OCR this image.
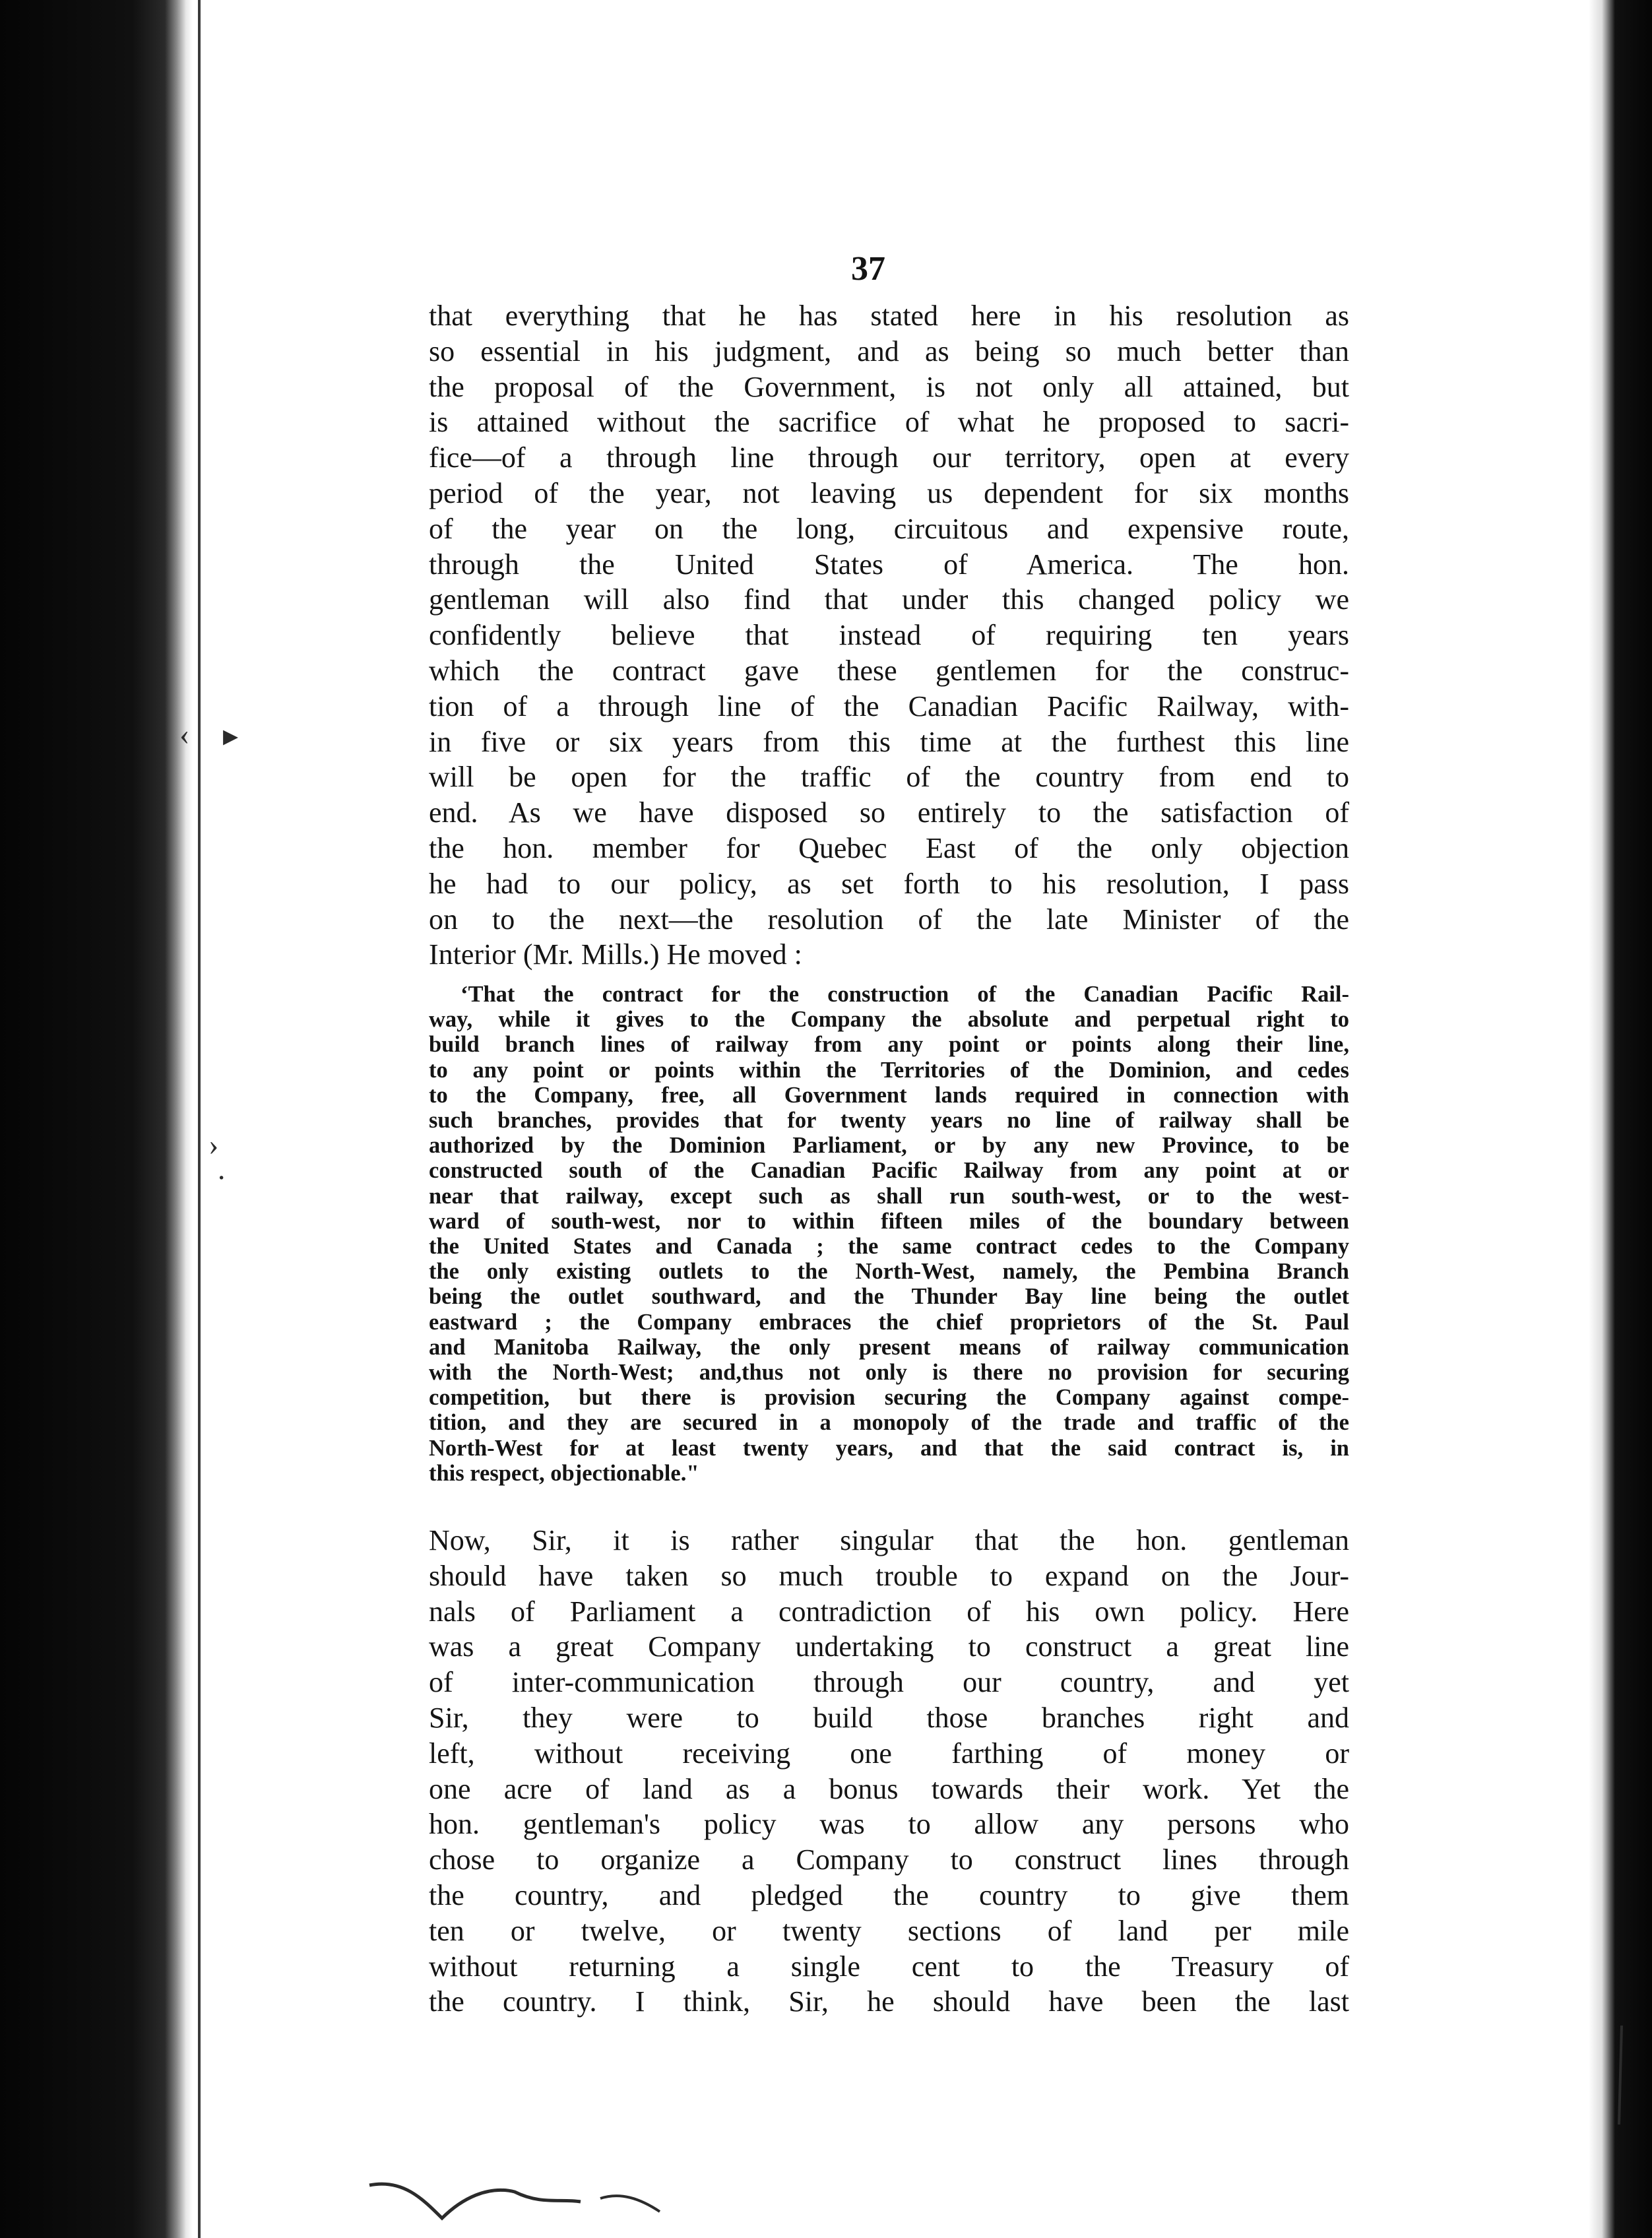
‹ ▸
›
·
37
that everything that he has stated here in his resolution as
so essential in his judgment, and as being so much better than
the proposal of the Government, is not only all attained, but
is attained without the sacrifice of what he proposed to sacri-
fice—of a through line through our territory, open at every
period of the year, not leaving us dependent for six months
of the year on the long, circuitous and expensive route,
through the United States of America. The hon.
gentleman will also find that under this changed policy we
confidently believe that instead of requiring ten years
which the contract gave these gentlemen for the construc-
tion of a through line of the Canadian Pacific Railway, with-
in five or six years from this time at the furthest this line
will be open for the traffic of the country from end to
end. As we have disposed so entirely to the satisfaction of
the hon. member for Quebec East of the only objection
he had to our policy, as set forth to his resolution, I pass
on to the next—the resolution of the late Minister of the
Interior (Mr. Mills.) He moved :
‘That the contract for the construction of the Canadian Pacific Rail-
way, while it gives to the Company the absolute and perpetual right to
build branch lines of railway from any point or points along their line,
to any point or points within the Territories of the Dominion, and cedes
to the Company, free, all Government lands required in connection with
such branches, provides that for twenty years no line of railway shall be
authorized by the Dominion Parliament, or by any new Province, to be
constructed south of the Canadian Pacific Railway from any point at or
near that railway, except such as shall run south-west, or to the west-
ward of south-west, nor to within fifteen miles of the boundary between
the United States and Canada ; the same contract cedes to the Company
the only existing outlets to the North-West, namely, the Pembina Branch
being the outlet southward, and the Thunder Bay line being the outlet
eastward ; the Company embraces the chief proprietors of the St. Paul
and Manitoba Railway, the only present means of railway communication
with the North-West; and,thus not only is there no provision for securing
competition, but there is provision securing the Company against compe-
tition, and they are secured in a monopoly of the trade and traffic of the
North-West for at least twenty years, and that the said contract is, in
this respect, objectionable."
Now, Sir, it is rather singular that the hon. gentleman
should have taken so much trouble to expand on the Jour-
nals of Parliament a contradiction of his own policy. Here
was a great Company undertaking to construct a great line
of inter-communication through our country, and yet
Sir, they were to build those branches right and
left, without receiving one farthing of money or
one acre of land as a bonus towards their work. Yet the
hon. gentleman's policy was to allow any persons who
chose to organize a Company to construct lines through
the country, and pledged the country to give them
ten or twelve, or twenty sections of land per mile
without returning a single cent to the Treasury of
the country. I think, Sir, he should have been the last
